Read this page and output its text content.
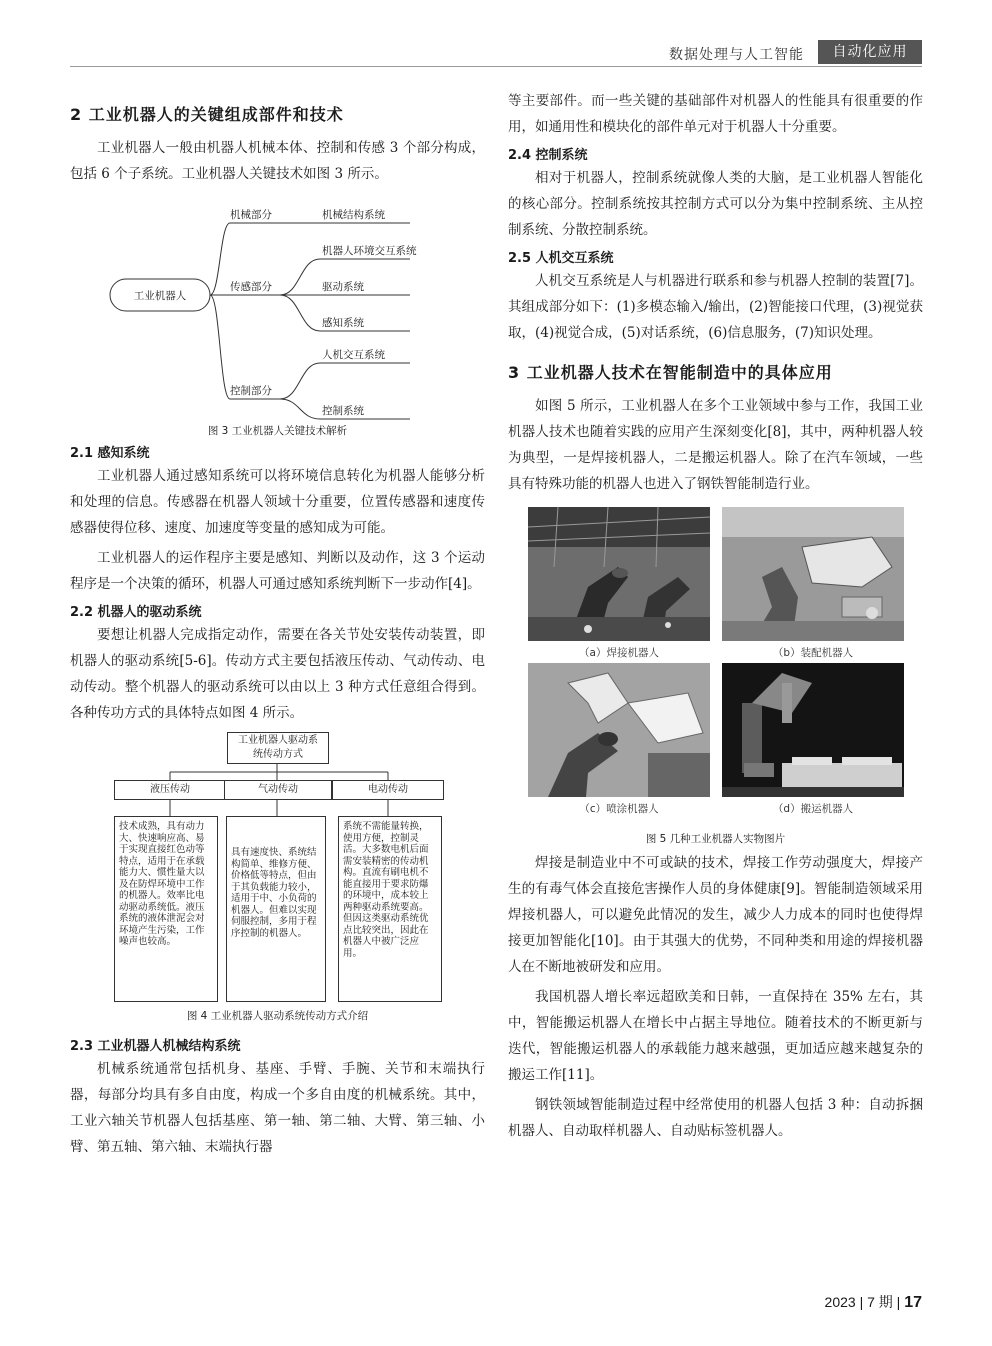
数据处理与人工智能	自动化应用
2 工业机器人的关键组成部件和技术

工业机器人一般由机器人机械本体、控制和传感 3 个部分构成，包括 6 个子系统。工业机器人关键技术如图 3 所示。

工业机器人
机械部分
传感部分
控制部分
机械结构系统
机器人环境交互系统
驱动系统
感知系统
人机交互系统
控制系统
图 3 工业机器人关键技术解析
2.1 感知系统

工业机器人通过感知系统可以将环境信息转化为机器人能够分析和处理的信息。传感器在机器人领域十分重要，位置传感器和速度传感器使得位移、速度、加速度等变量的感知成为可能。

工业机器人的运作程序主要是感知、判断以及动作，这 3 个运动程序是一个决策的循环，机器人可通过感知系统判断下一步动作[4]。

2.2 机器人的驱动系统

要想让机器人完成指定动作，需要在各关节处安装传动装置，即机器人的驱动系统[5-6]。传动方式主要包括液压传动、气动传动、电动传动。整个机器人的驱动系统可以由以上 3 种方式任意组合得到。各种传功方式的具体特点如图 4 所示。

工业机器人驱动系统传动方式
液压传动	气动传动	电动传动
技术成熟，具有动力大、快速响应高、易于实现直接红色动等特点，适用于在承载能力大、惯性量大以及在防焊环境中工作的机器人。效率比电动驱动系统低。液压系统的液体泄泥会对环境产生污染，工作噪声也较高。
具有速度快、系统结构简单、维修方便、价格低等特点，但由于其负载能力较小，适用于中、小负荷的机器人。但难以实现伺服控制，多用于程序控制的机器人。
系统不需能量转换，使用方便，控制灵活。大多数电机后面需安装精密的传动机构。直流有刷电机不能直接用于要求防爆的环境中，成本较上两种驱动系统要高。但因这类驱动系统优点比较突出，因此在机器人中被广泛应用。
图 4 工业机器人驱动系统传动方式介绍
2.3 工业机器人机械结构系统

机械系统通常包括机身、基座、手臂、手腕、关节和末端执行器，每部分均具有多自由度，构成一个多自由度的机械系统。其中，工业六轴关节机器人包括基座、第一轴、第二轴、大臂、第三轴、小臂、第五轴、第六轴、末端执行器

等主要部件。而一些关键的基础部件对机器人的性能具有很重要的作用，如通用性和模块化的部件单元对于机器人十分重要。

2.4 控制系统

相对于机器人，控制系统就像人类的大脑，是工业机器人智能化的核心部分。控制系统按其控制方式可以分为集中控制系统、主从控制系统、分散控制系统。

2.5 人机交互系统

人机交互系统是人与机器进行联系和参与机器人控制的装置[7]。其组成部分如下：(1)多模态输入/输出，(2)智能接口代理，(3)视觉获取，(4)视觉合成，(5)对话系统，(6)信息服务，(7)知识处理。

3 工业机器人技术在智能制造中的具体应用

如图 5 所示，工业机器人在多个工业领域中参与工作，我国工业机器人技术也随着实践的应用产生深刻变化[8]，其中，两种机器人较为典型，一是焊接机器人，二是搬运机器人。除了在汽车领域，一些具有特殊功能的机器人也进入了钢铁智能制造行业。

（a）焊接机器人	（b）装配机器人
（c）喷涂机器人	（d）搬运机器人
图 5 几种工业机器人实物图片

焊接是制造业中不可或缺的技术，焊接工作劳动强度大，焊接产生的有毒气体会直接危害操作人员的身体健康[9]。智能制造领域采用焊接机器人，可以避免此情况的发生，减少人力成本的同时也使得焊接更加智能化[10]。由于其强大的优势，不同种类和用途的焊接机器人在不断地被研发和应用。

我国机器人增长率远超欧美和日韩，一直保持在 35% 左右，其中，智能搬运机器人在增长中占据主导地位。随着技术的不断更新与迭代，智能搬运机器人的承载能力越来越强，更加适应越来越复杂的搬运工作[11]。

钢铁领域智能制造过程中经常使用的机器人包括 3 种：自动拆捆机器人、自动取样机器人、自动贴标签机器人。

2023 | 7 期 | 17
